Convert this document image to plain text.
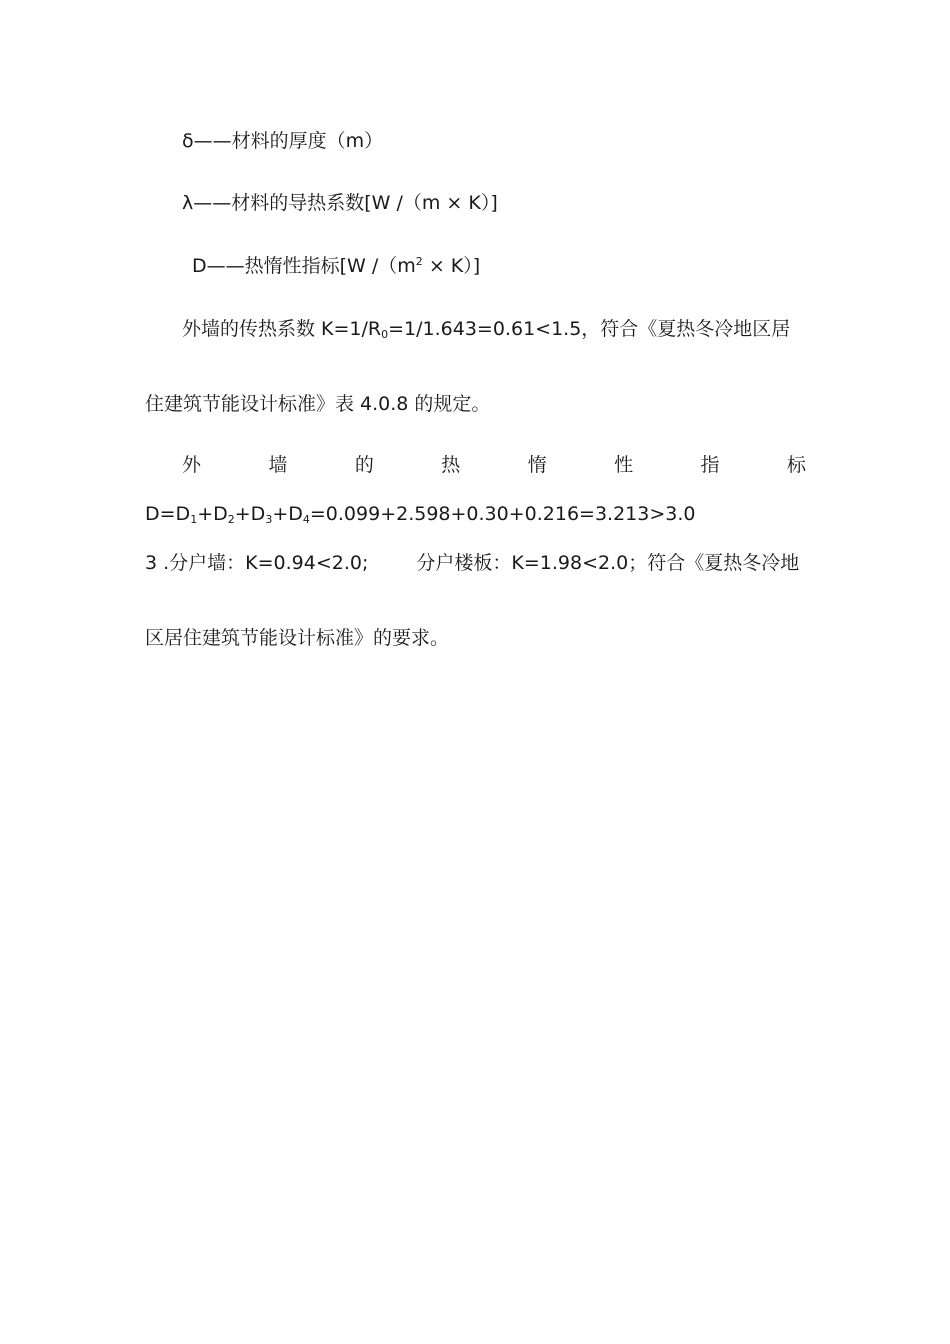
δ——材料的厚度（m）
λ——材料的导热系数[W /（m × K）]
D——热惰性指标[W $/(m^2 \times K)$]
外墙的传热系数 $K=1/R_0=1/1.643=0.61<1.5$，符合《夏热冬冷地区居
住建筑节能设计标准》表 4.0.8 的规定。
外	墙	的	热	惰	性	指	标
$D=D_1+D_2+D_3+D_4=0.099+2.598+0.30+0.216=3.213>3.0$
3 .分户墙：K=0.94<2.0;	分户楼板：K=1.98<2.0；符合《夏热冬冷地
区居住建筑节能设计标准》的要求。
